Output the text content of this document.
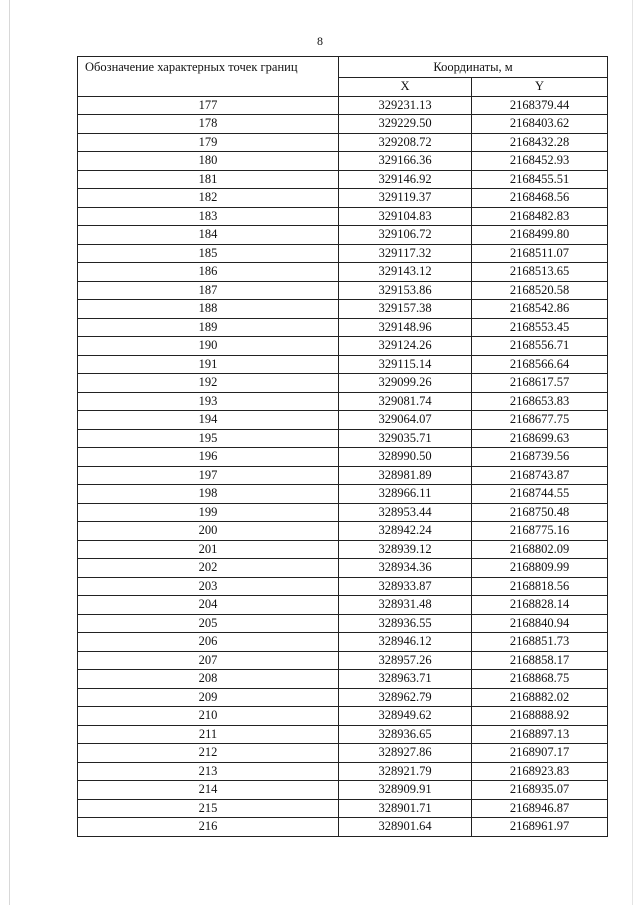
8
Обозначение характерных точек границ	Координаты, м	
	X	Y
177	329231.13	2168379.44
178	329229.50	2168403.62
179	329208.72	2168432.28
180	329166.36	2168452.93
181	329146.92	2168455.51
182	329119.37	2168468.56
183	329104.83	2168482.83
184	329106.72	2168499.80
185	329117.32	2168511.07
186	329143.12	2168513.65
187	329153.86	2168520.58
188	329157.38	2168542.86
189	329148.96	2168553.45
190	329124.26	2168556.71
191	329115.14	2168566.64
192	329099.26	2168617.57
193	329081.74	2168653.83
194	329064.07	2168677.75
195	329035.71	2168699.63
196	328990.50	2168739.56
197	328981.89	2168743.87
198	328966.11	2168744.55
199	328953.44	2168750.48
200	328942.24	2168775.16
201	328939.12	2168802.09
202	328934.36	2168809.99
203	328933.87	2168818.56
204	328931.48	2168828.14
205	328936.55	2168840.94
206	328946.12	2168851.73
207	328957.26	2168858.17
208	328963.71	2168868.75
209	328962.79	2168882.02
210	328949.62	2168888.92
211	328936.65	2168897.13
212	328927.86	2168907.17
213	328921.79	2168923.83
214	328909.91	2168935.07
215	328901.71	2168946.87
216	328901.64	2168961.97
